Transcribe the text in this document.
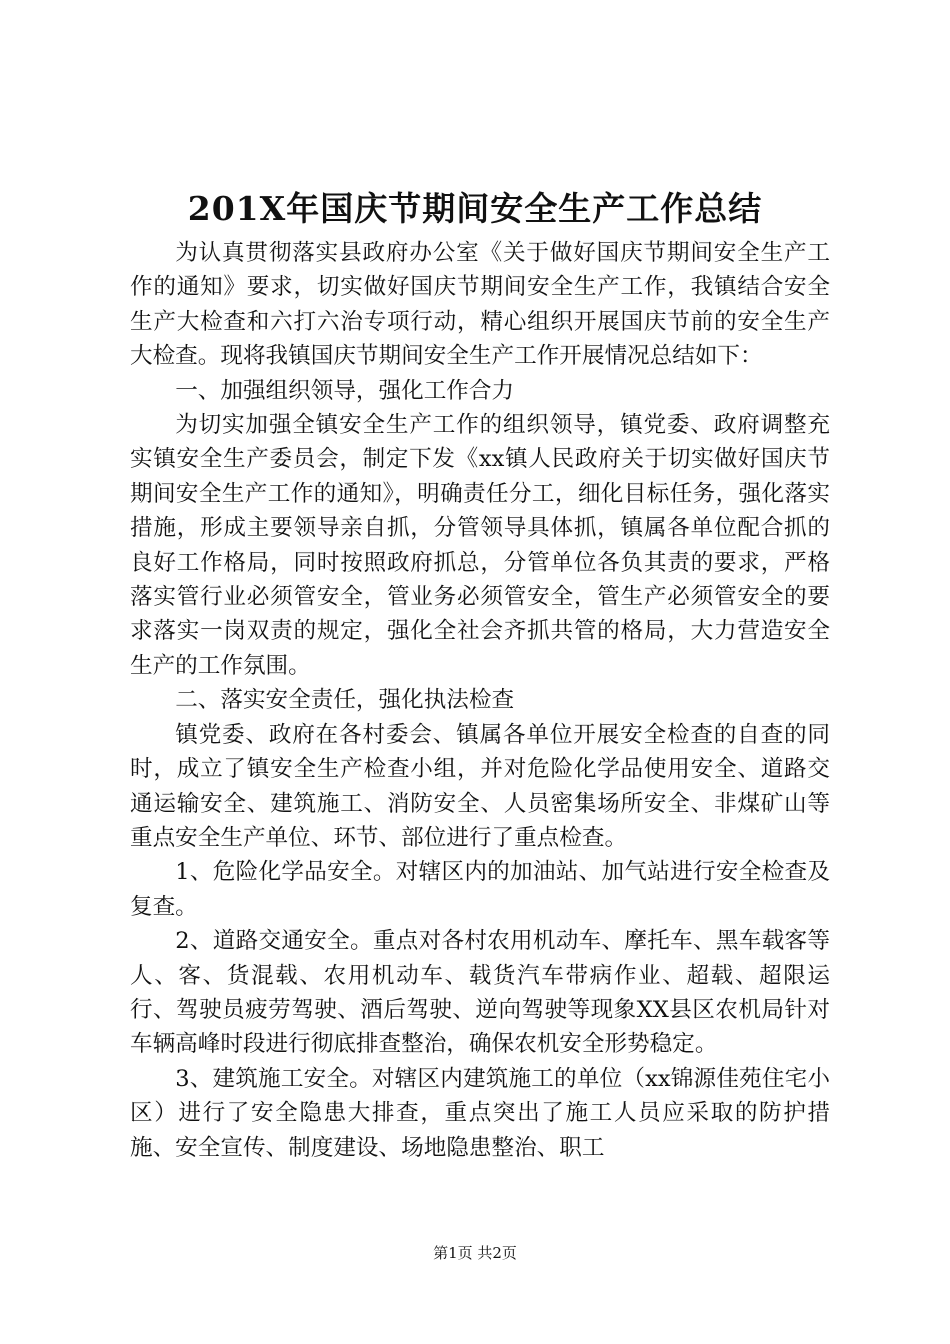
201X年国庆节期间安全生产工作总结

为认真贯彻落实县政府办公室《关于做好国庆节期间安全生产工作的通知》要求，切实做好国庆节期间安全生产工作，我镇结合安全生产大检查和六打六治专项行动，精心组织开展国庆节前的安全生产大检查。现将我镇国庆节期间安全生产工作开展情况总结如下：

一、加强组织领导，强化工作合力

为切实加强全镇安全生产工作的组织领导，镇党委、政府调整充实镇安全生产委员会，制定下发《xx镇人民政府关于切实做好国庆节期间安全生产工作的通知》，明确责任分工，细化目标任务，强化落实措施，形成主要领导亲自抓，分管领导具体抓，镇属各单位配合抓的良好工作格局，同时按照政府抓总，分管单位各负其责的要求，严格落实管行业必须管安全，管业务必须管安全，管生产必须管安全的要求落实一岗双责的规定，强化全社会齐抓共管的格局，大力营造安全生产的工作氛围。

二、落实安全责任，强化执法检查

镇党委、政府在各村委会、镇属各单位开展安全检查的自查的同时，成立了镇安全生产检查小组，并对危险化学品使用安全、道路交通运输安全、建筑施工、消防安全、人员密集场所安全、非煤矿山等重点安全生产单位、环节、部位进行了重点检查。

1、危险化学品安全。对辖区内的加油站、加气站进行安全检查及复查。

2、道路交通安全。重点对各村农用机动车、摩托车、黑车载客等人、客、货混载、农用机动车、载货汽车带病作业、超载、超限运行、驾驶员疲劳驾驶、酒后驾驶、逆向驾驶等现象XX县区农机局针对车辆高峰时段进行彻底排查整治，确保农机安全形势稳定。

3、建筑施工安全。对辖区内建筑施工的单位（xx锦源佳苑住宅小区）进行了安全隐患大排查，重点突出了施工人员应采取的防护措施、安全宣传、制度建设、场地隐患整治、职工

第1页 共2页
